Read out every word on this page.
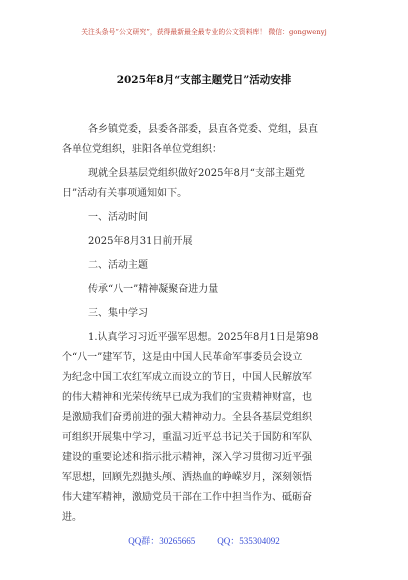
关注头条号“公文研究”，获得最新最全最专业的公文资料库！ 微信：gongwenyj
2025年8月“支部主题党日”活动安排
各乡镇党委，县委各部委，县直各党委、党组，县直
各单位党组织，驻阳各单位党组织：
现就全县基层党组织做好2025年8月“支部主题党
日”活动有关事项通知如下。
一、活动时间
2025年8月31日前开展
二、活动主题
传承“八一”精神凝聚奋进力量
三、集中学习
1.认真学习习近平强军思想。2025年8月1日是第98
个“八一”建军节，这是由中国人民革命军事委员会设立
为纪念中国工农红军成立而设立的节日，中国人民解放军
的伟大精神和光荣传统早已成为我们的宝贵精神财富，也
是激励我们奋勇前进的强大精神动力。全县各基层党组织
可组织开展集中学习，重温习近平总书记关于国防和军队
建设的重要论述和指示批示精神，深入学习贯彻习近平强
军思想，回顾先烈抛头颅、洒热血的峥嵘岁月，深刻领悟
伟大建军精神，激励党员干部在工作中担当作为、砥砺奋
进。
QQ群：30265665 QQ：535304092
